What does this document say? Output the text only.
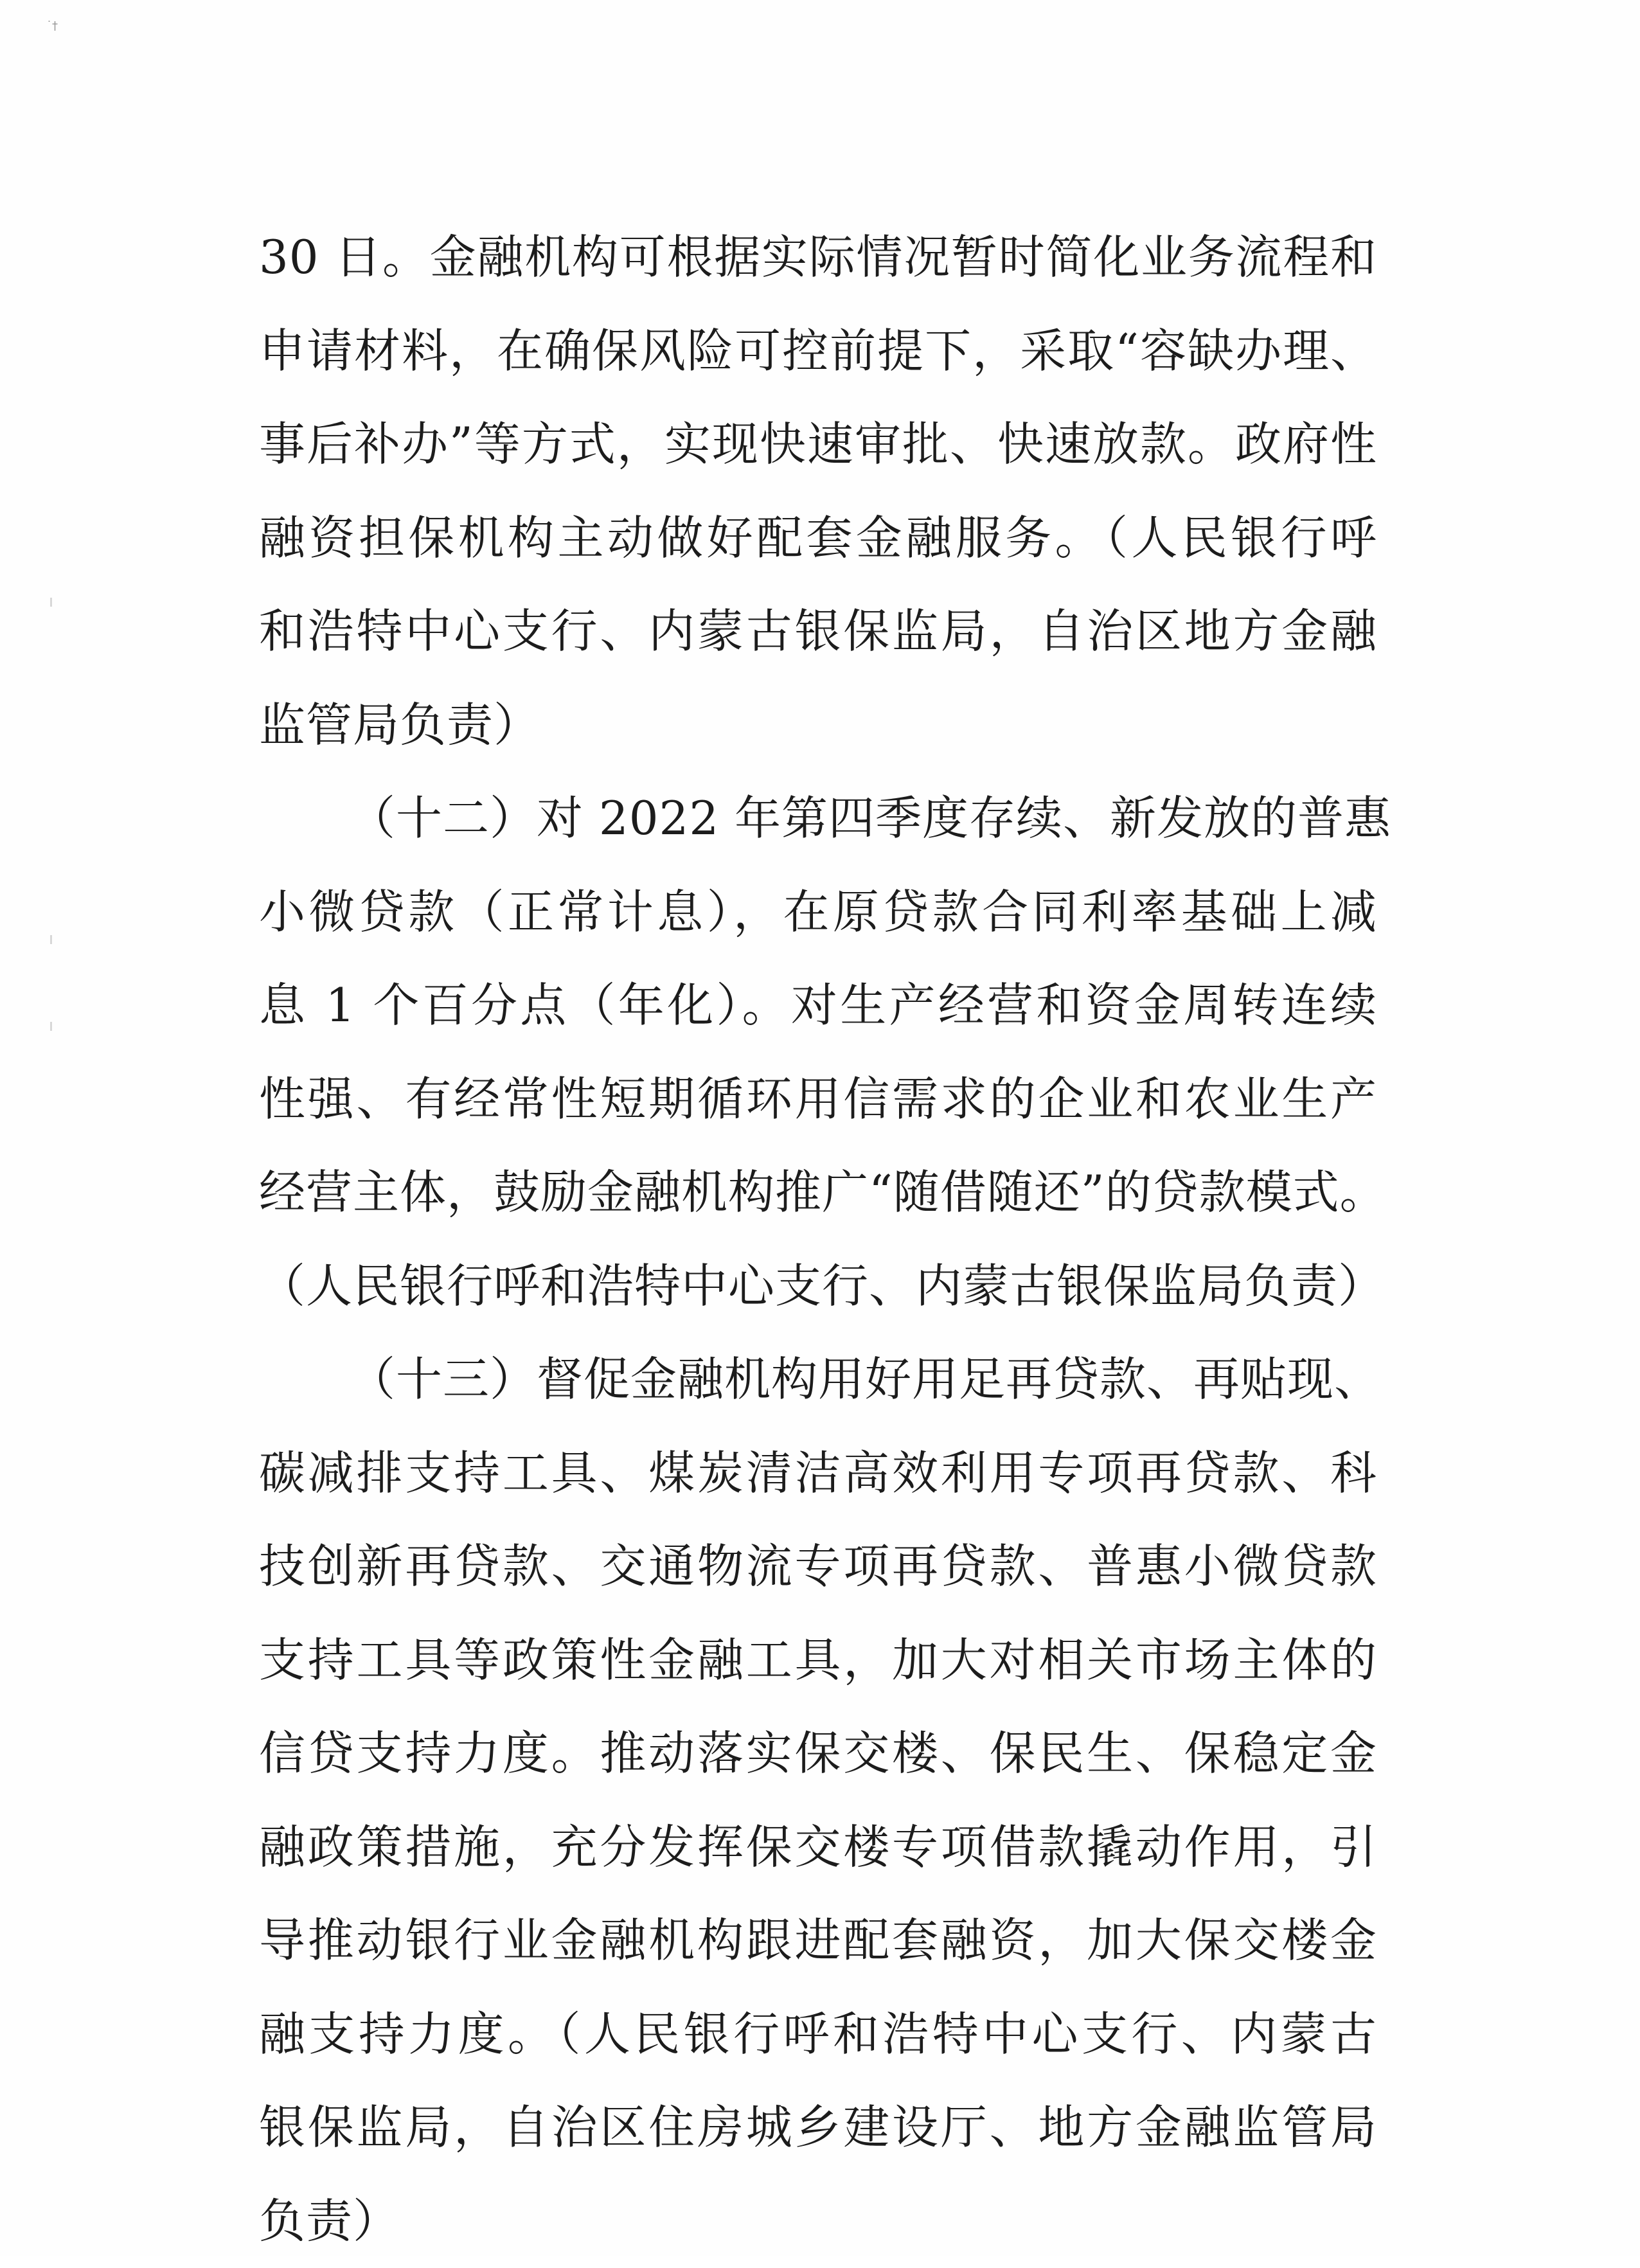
˙†
30 日。金融机构可根据实际情况暂时简化业务流程和
申请材料，在确保风险可控前提下，采取“容缺办理、
事后补办”等方式，实现快速审批、快速放款。政府性
融资担保机构主动做好配套金融服务。（人民银行呼
和浩特中心支行、内蒙古银保监局，自治区地方金融
监管局负责）
（十二）对 2022 年第四季度存续、新发放的普惠
小微贷款（正常计息），在原贷款合同利率基础上减
息 1 个百分点（年化）。对生产经营和资金周转连续
性强、有经常性短期循环用信需求的企业和农业生产
经营主体，鼓励金融机构推广“随借随还”的贷款模式。
（人民银行呼和浩特中心支行、内蒙古银保监局负责）
（十三）督促金融机构用好用足再贷款、再贴现、
碳减排支持工具、煤炭清洁高效利用专项再贷款、科
技创新再贷款、交通物流专项再贷款、普惠小微贷款
支持工具等政策性金融工具，加大对相关市场主体的
信贷支持力度。推动落实保交楼、保民生、保稳定金
融政策措施，充分发挥保交楼专项借款撬动作用，引
导推动银行业金融机构跟进配套融资，加大保交楼金
融支持力度。（人民银行呼和浩特中心支行、内蒙古
银保监局，自治区住房城乡建设厅、地方金融监管局
负责）
